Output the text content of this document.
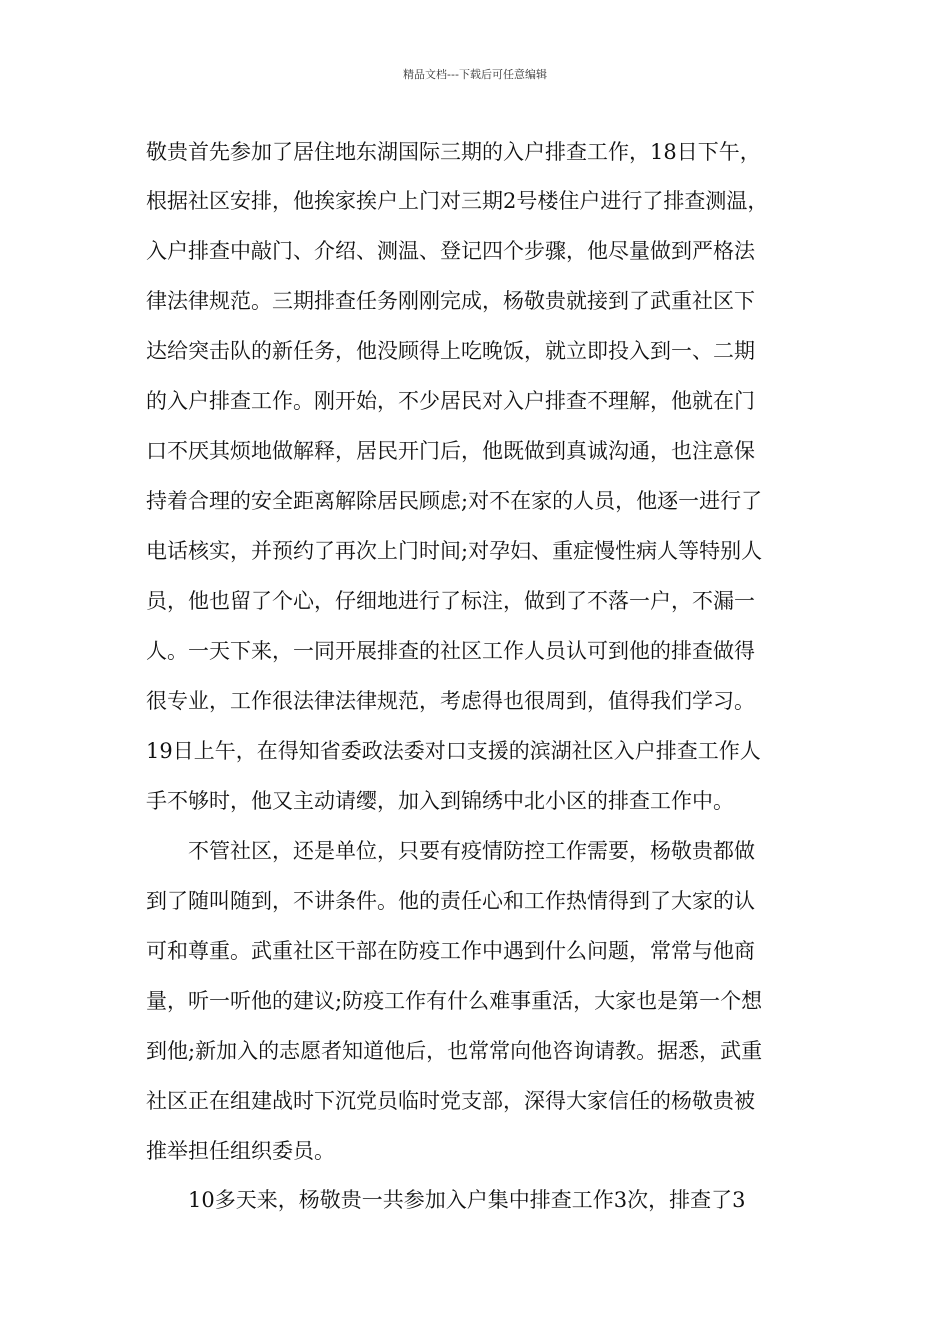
精品文档---下载后可任意编辑
敬贵首先参加了居住地东湖国际三期的入户排查工作，18日下午，
根据社区安排，他挨家挨户上门对三期2号楼住户进行了排查测温，
入户排查中敲门、介绍、测温、登记四个步骤，他尽量做到严格法
律法律规范。三期排查任务刚刚完成，杨敬贵就接到了武重社区下
达给突击队的新任务，他没顾得上吃晚饭，就立即投入到一、二期
的入户排查工作。刚开始，不少居民对入户排查不理解，他就在门
口不厌其烦地做解释，居民开门后，他既做到真诚沟通，也注意保
持着合理的安全距离解除居民顾虑;对不在家的人员，他逐一进行了
电话核实，并预约了再次上门时间;对孕妇、重症慢性病人等特别人
员，他也留了个心，仔细地进行了标注，做到了不落一户，不漏一
人。一天下来，一同开展排查的社区工作人员认可到他的排查做得
很专业，工作很法律法律规范，考虑得也很周到，值得我们学习。
19日上午，在得知省委政法委对口支援的滨湖社区入户排查工作人
手不够时，他又主动请缨，加入到锦绣中北小区的排查工作中。
　　不管社区，还是单位，只要有疫情防控工作需要，杨敬贵都做
到了随叫随到，不讲条件。他的责任心和工作热情得到了大家的认
可和尊重。武重社区干部在防疫工作中遇到什么问题，常常与他商
量，听一听他的建议;防疫工作有什么难事重活，大家也是第一个想
到他;新加入的志愿者知道他后，也常常向他咨询请教。据悉，武重
社区正在组建战时下沉党员临时党支部，深得大家信任的杨敬贵被
推举担任组织委员。
　　10多天来，杨敬贵一共参加入户集中排查工作3次，排查了3
